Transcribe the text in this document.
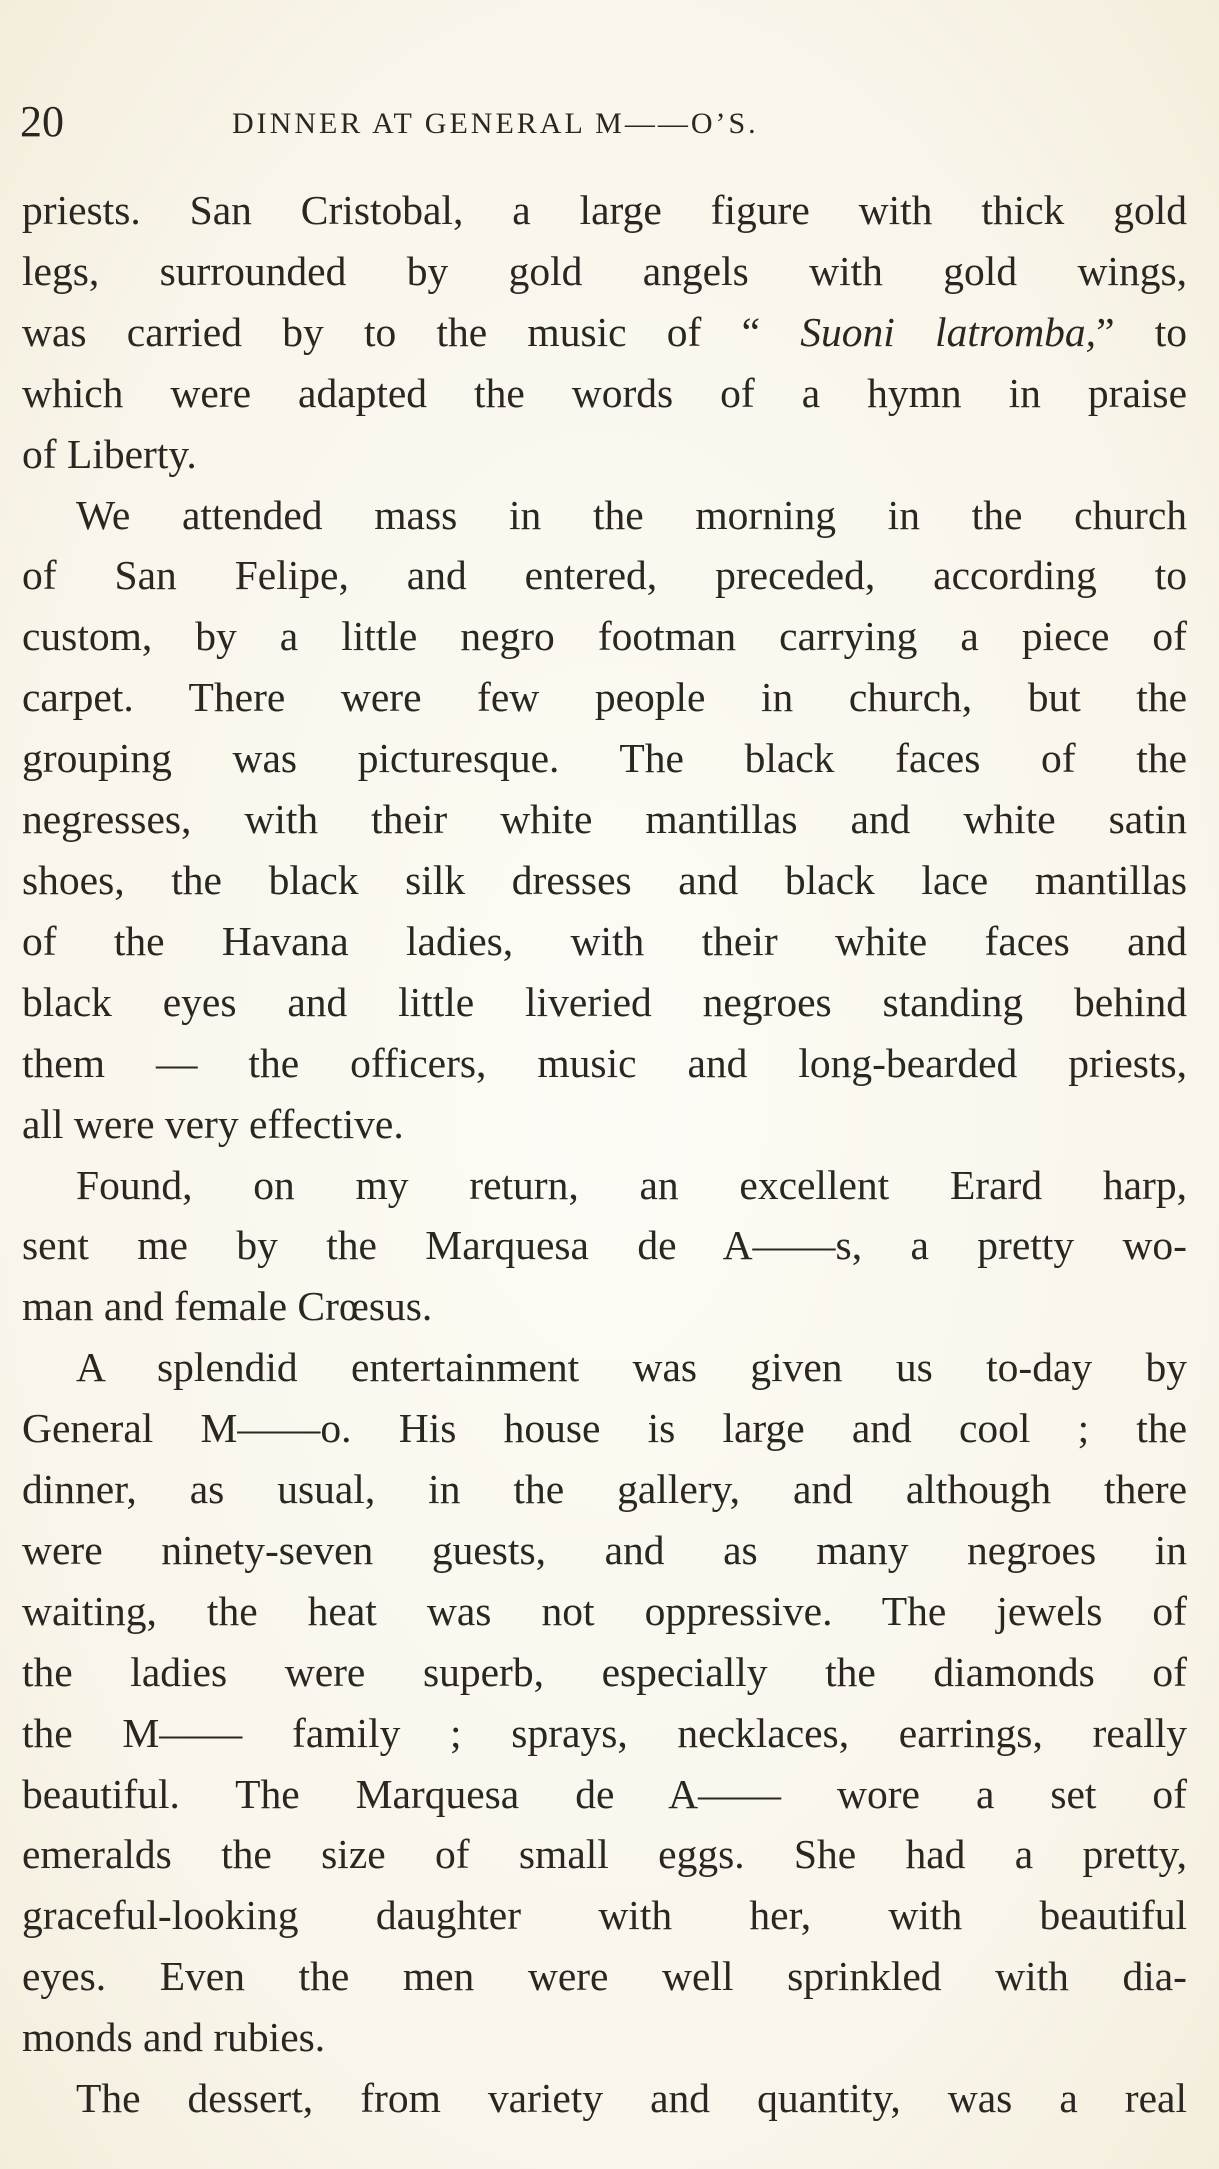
20	DINNER AT GENERAL M——O’S.
priests. San Cristobal, a large figure with thick gold
legs, surrounded by gold angels with gold wings,
was carried by to the music of “ Suoni latromba,” to
which were adapted the words of a hymn in praise
of Liberty.
We attended mass in the morning in the church
of San Felipe, and entered, preceded, according to
custom, by a little negro footman carrying a piece of
carpet. There were few people in church, but the
grouping was picturesque. The black faces of the
negresses, with their white mantillas and white satin
shoes, the black silk dresses and black lace mantillas
of the Havana ladies, with their white faces and
black eyes and little liveried negroes standing behind
them — the officers, music and long-bearded priests,
all were very effective.
Found, on my return, an excellent Erard harp,
sent me by the Marquesa de A——s, a pretty wo-
man and female Crœsus.
A splendid entertainment was given us to-day by
General M——o. His house is large and cool ; the
dinner, as usual, in the gallery, and although there
were ninety-seven guests, and as many negroes in
waiting, the heat was not oppressive. The jewels of
the ladies were superb, especially the diamonds of
the M—— family ; sprays, necklaces, earrings, really
beautiful. The Marquesa de A—— wore a set of
emeralds the size of small eggs. She had a pretty,
graceful-looking daughter with her, with beautiful
eyes. Even the men were well sprinkled with dia-
monds and rubies.
The dessert, from variety and quantity, was a real
